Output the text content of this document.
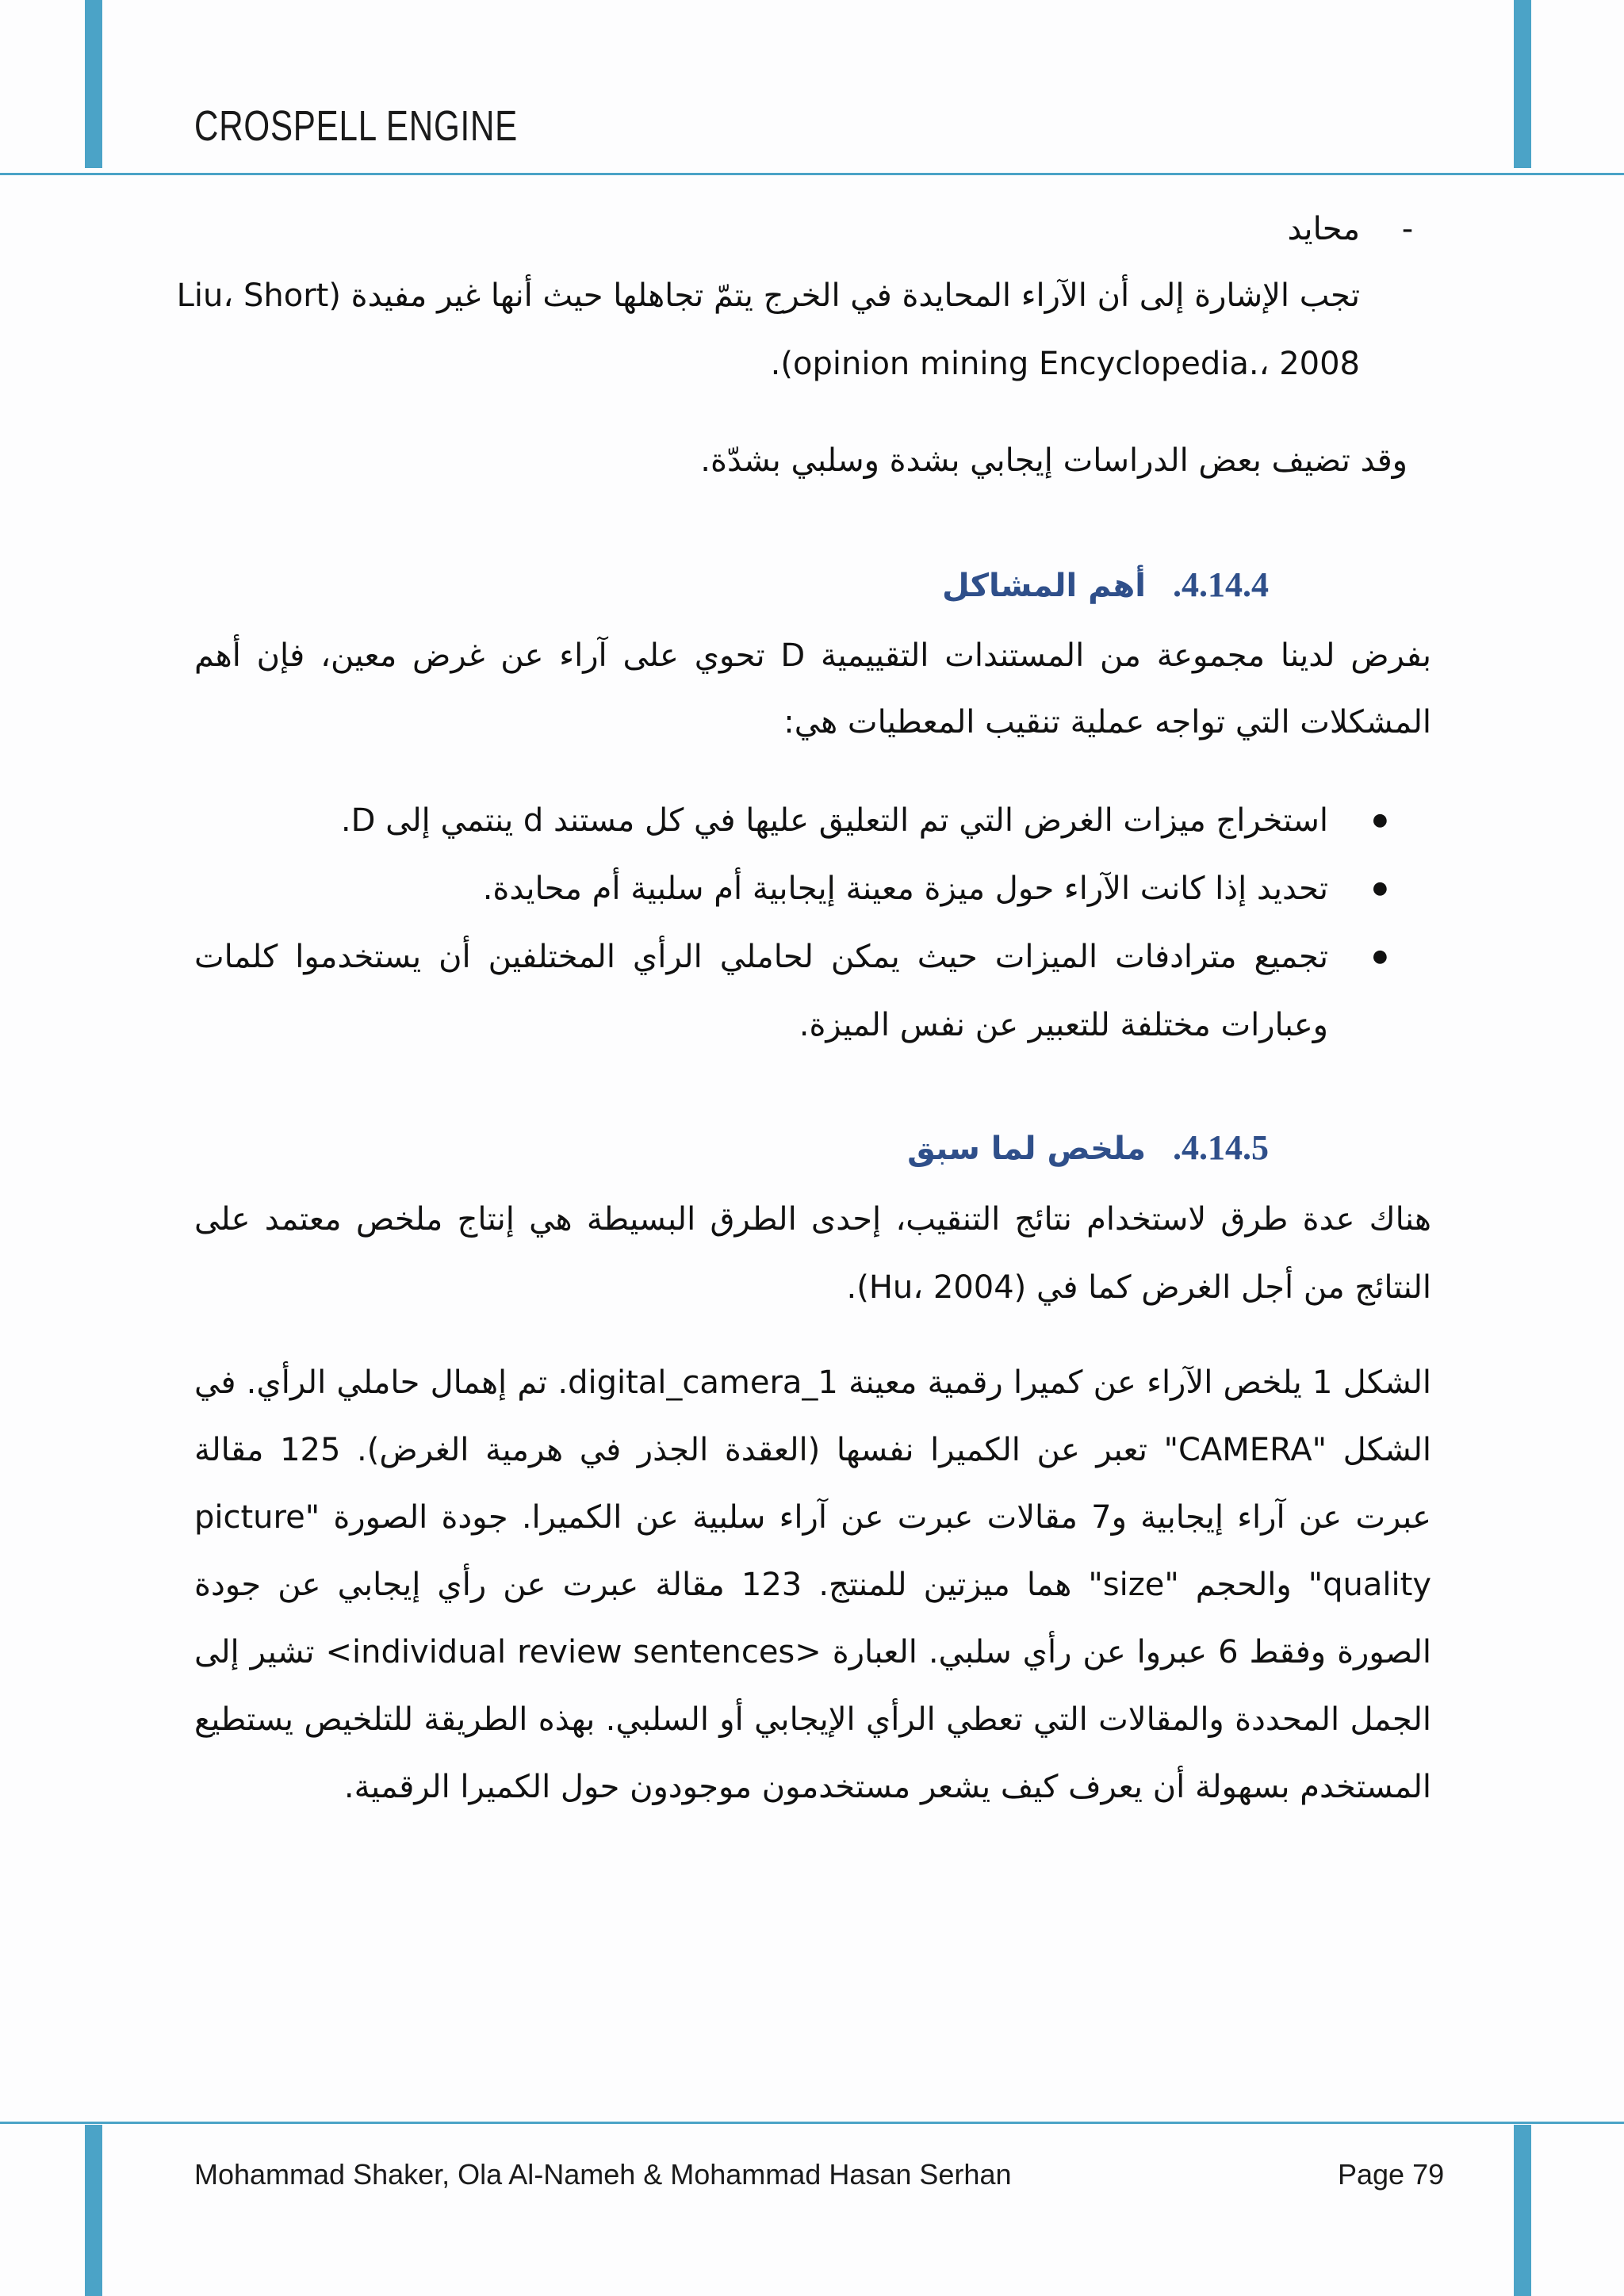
CROSPELL ENGINE
-محايد
تجب الإشارة إلى أن الآراء المحايدة في الخرج يتمّ تجاهلها حيث أنها غير مفيدة (Liu، Short
opinion mining Encyclopedia.، 2008).
وقد تضيف بعض الدراسات إيجابي بشدة وسلبي بشدّة.
4.14.4.أهم المشاكل
بفرض لدينا مجموعة من المستندات التقييمية D تحوي على آراء عن غرض معين، فإن أهم المشكلات التي تواجه عملية تنقيب المعطيات هي:
● استخراج ميزات الغرض التي تم التعليق عليها في كل مستند d ينتمي إلى D.
● تحديد إذا كانت الآراء حول ميزة معينة إيجابية أم سلبية أم محايدة.
● تجميع مترادفات الميزات حيث يمكن لحاملي الرأي المختلفين أن يستخدموا كلمات وعبارات مختلفة للتعبير عن نفس الميزة.
4.14.5.ملخص لما سبق
هناك عدة طرق لاستخدام نتائج التنقيب، إحدى الطرق البسيطة هي إنتاج ملخص معتمد على النتائج من أجل الغرض كما في (Hu، 2004).
الشكل 1 يلخص الآراء عن كميرا رقمية معينة digital_camera_1. تم إهمال حاملي الرأي. في الشكل "CAMERA" تعبر عن الكميرا نفسها (العقدة الجذر في هرمية الغرض). 125 مقالة عبرت عن آراء إيجابية و7 مقالات عبرت عن آراء سلبية عن الكميرا. جودة الصورة "picture quality" والحجم "size" هما ميزتين للمنتج. 123 مقالة عبرت عن رأي إيجابي عن جودة الصورة وفقط 6 عبروا عن رأي سلبي. العبارة <individual review sentences> تشير إلى الجمل المحددة والمقالات التي تعطي الرأي الإيجابي أو السلبي. بهذه الطريقة للتلخيص يستطيع المستخدم بسهولة أن يعرف كيف يشعر مستخدمون موجودون حول الكميرا الرقمية.
Mohammad Shaker, Ola Al-Nameh & Mohammad Hasan Serhan	Page 79
